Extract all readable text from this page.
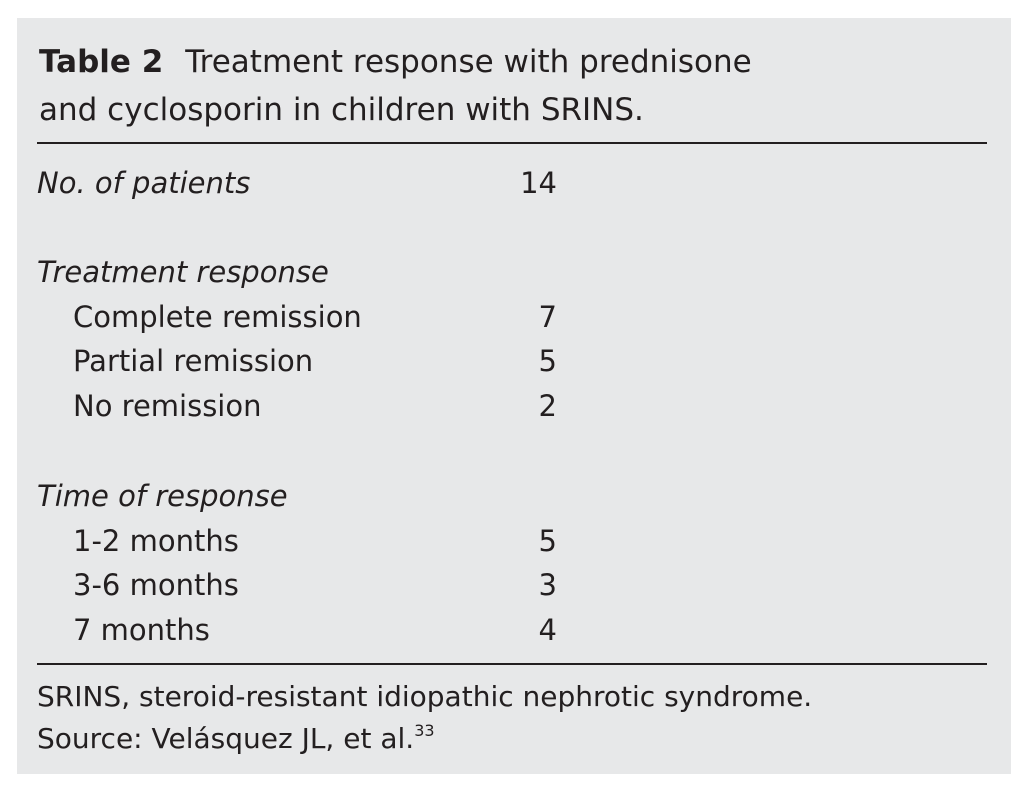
Table 2 Treatment response with prednisone
and cyclosporin in children with SRINS.
No. of patients	14
Treatment response
Complete remission	7
Partial remission	5
No remission	2
Time of response
1-2 months	5
3-6 months	3
7 months	4
SRINS, steroid-resistant idiopathic nephrotic syndrome.
Source: Velásquez JL, et al.$^{33}$
